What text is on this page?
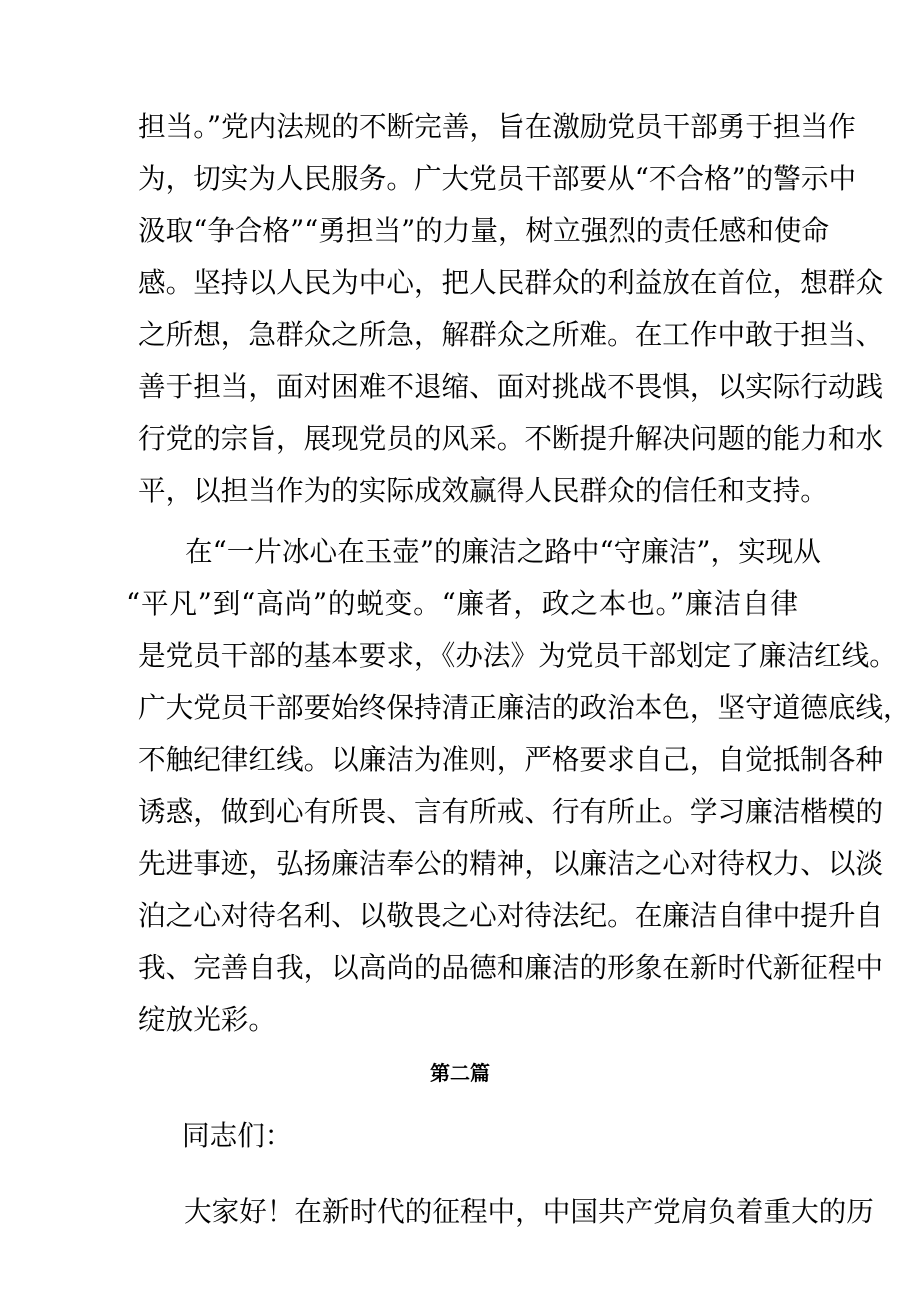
担当。”党内法规的不断完善，旨在激励党员干部勇于担当作
为，切实为人民服务。广大党员干部要从“不合格”的警示中
汲取“争合格”“勇担当”的力量，树立强烈的责任感和使命
感。坚持以人民为中心，把人民群众的利益放在首位，想群众
之所想，急群众之所急，解群众之所难。在工作中敢于担当、
善于担当，面对困难不退缩、面对挑战不畏惧，以实际行动践
行党的宗旨，展现党员的风采。不断提升解决问题的能力和水
平，以担当作为的实际成效赢得人民群众的信任和支持。
在“一片冰心在玉壶”的廉洁之路中“守廉洁”，实现从
“平凡”到“高尚”的蜕变。“廉者，政之本也。”廉洁自律
是党员干部的基本要求，《办法》为党员干部划定了廉洁红线。
广大党员干部要始终保持清正廉洁的政治本色，坚守道德底线，
不触纪律红线。以廉洁为准则，严格要求自己，自觉抵制各种
诱惑，做到心有所畏、言有所戒、行有所止。学习廉洁楷模的
先进事迹，弘扬廉洁奉公的精神，以廉洁之心对待权力、以淡
泊之心对待名利、以敬畏之心对待法纪。在廉洁自律中提升自
我、完善自我，以高尚的品德和廉洁的形象在新时代新征程中
绽放光彩。
第二篇
同志们：
大家好！在新时代的征程中，中国共产党肩负着重大的历
